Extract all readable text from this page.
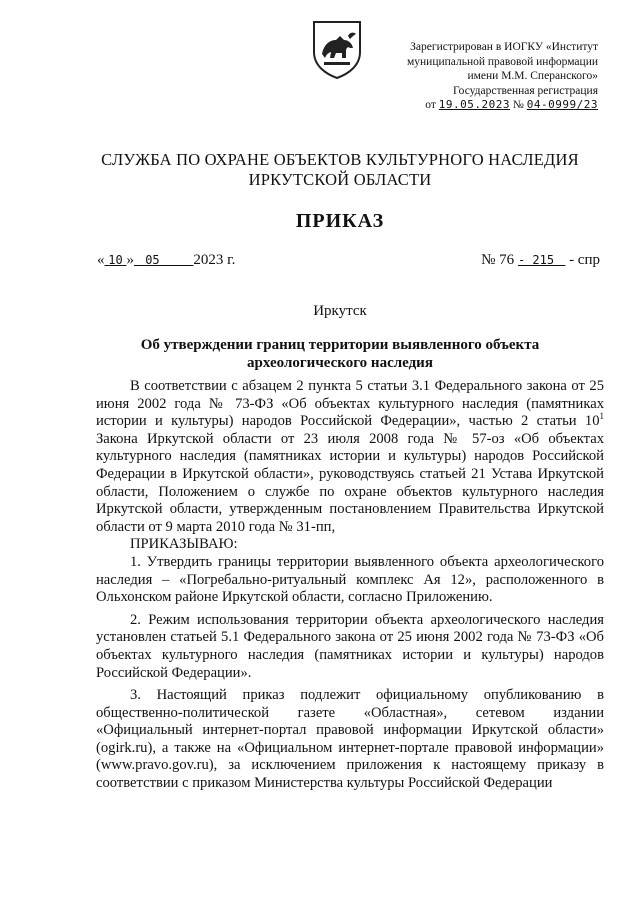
Зарегистрирован в ИОГКУ «Институт
муниципальной правовой информации
имени М.М. Сперанского»
Государственная регистрация
от 19.05.2023 № 04-0999/23
СЛУЖБА ПО ОХРАНЕ ОБЪЕКТОВ КУЛЬТУРНОГО НАСЛЕДИЯ
ИРКУТСКОЙ ОБЛАСТИ
ПРИКАЗ
« 10 » 05 2023 г.	№ 76 - 215 - спр
Иркутск
Об утверждении границ территории выявленного объекта
археологического наследия

В соответствии с абзацем 2 пункта 5 статьи 3.1 Федерального закона от 25 июня 2002 года № 73-ФЗ «Об объектах культурного наследия (памятниках истории и культуры) народов Российской Федерации», частью 2 статьи $10^1$ Закона Иркутской области от 23 июля 2008 года № 57-оз «Об объектах культурного наследия (памятниках истории и культуры) народов Российской Федерации в Иркутской области», руководствуясь статьей 21 Устава Иркутской области, Положением о службе по охране объектов культурного наследия Иркутской области, утвержденным постановлением Правительства Иркутской области от 9 марта 2010 года № 31-пп,

ПРИКАЗЫВАЮ:

1. Утвердить границы территории выявленного объекта археологического наследия – «Погребально-ритуальный комплекс Ая 12», расположенного в Ольхонском районе Иркутской области, согласно Приложению.

2. Режим использования территории объекта археологического наследия установлен статьей 5.1 Федерального закона от 25 июня 2002 года № 73-ФЗ «Об объектах культурного наследия (памятниках истории и культуры) народов Российской Федерации».

3. Настоящий приказ подлежит официальному опубликованию в общественно-политической газете «Областная», сетевом издании «Официальный интернет-портал правовой информации Иркутской области» (ogirk.ru), а также на «Официальном интернет-портале правовой информации» (www.pravo.gov.ru), за исключением приложения к настоящему приказу в соответствии с приказом Министерства культуры Российской Федерации
